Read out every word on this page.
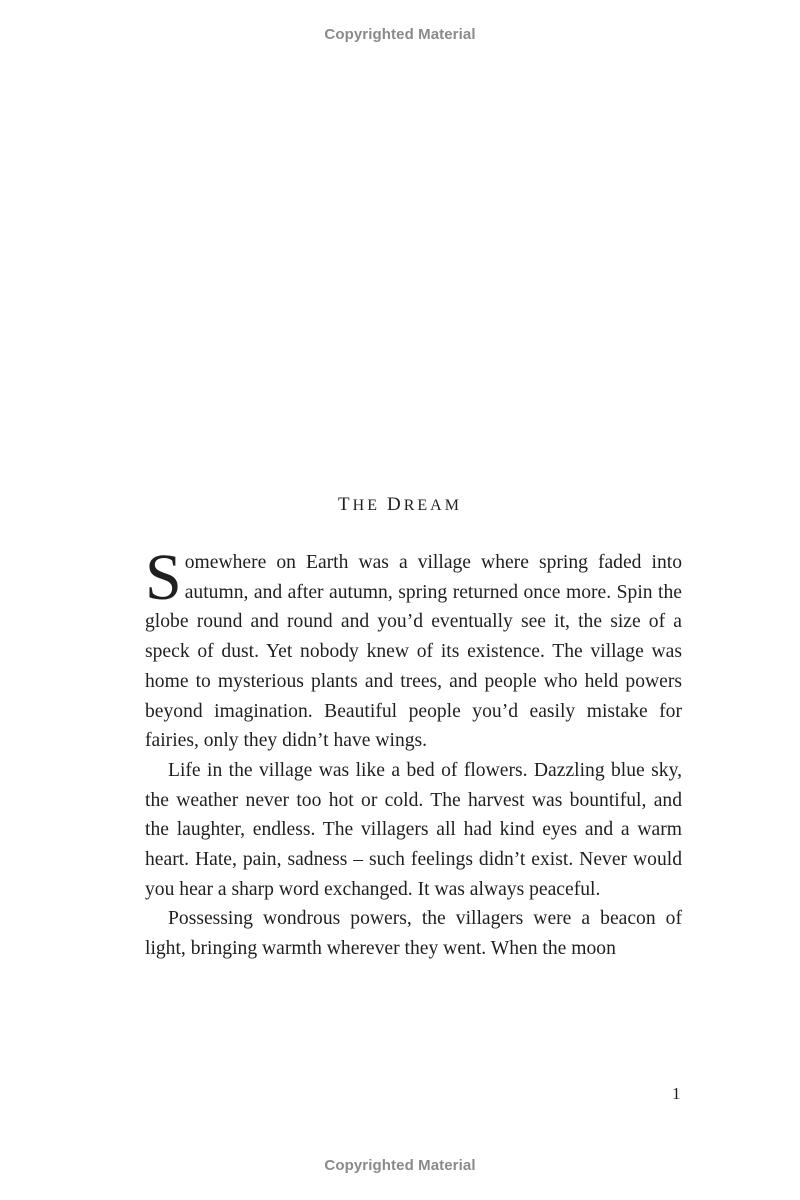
Copyrighted Material
THE DREAM

Somewhere on Earth was a village where spring faded into autumn, and after autumn, spring returned once more. Spin the globe round and round and you’d eventually see it, the size of a speck of dust. Yet nobody knew of its existence. The village was home to mysterious plants and trees, and people who held powers beyond imagination. Beautiful people you’d easily mistake for fairies, only they didn’t have wings.

Life in the village was like a bed of flowers. Dazzling blue sky, the weather never too hot or cold. The harvest was bountiful, and the laughter, endless. The villagers all had kind eyes and a warm heart. Hate, pain, sadness – such feelings didn’t exist. Never would you hear a sharp word exchanged. It was always peaceful.

Possessing wondrous powers, the villagers were a beacon of light, bringing warmth wherever they went. When the moon

1
Copyrighted Material
